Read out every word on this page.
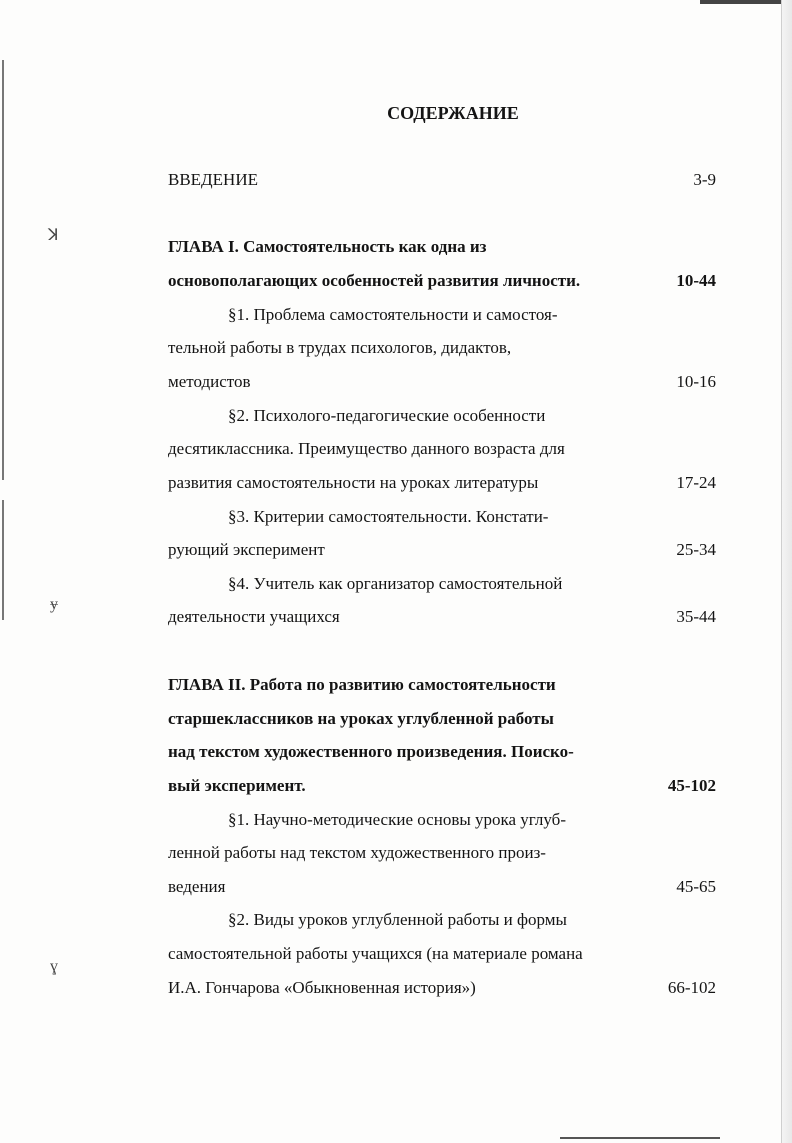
ꓘ
ɏ
ɣ
СОДЕРЖАНИЕ
ВВЕДЕНИЕ	3-9
ГЛАВА I. Самостоятельность как одна из
основополагающих особенностей развития личности.	10-44
§1. Проблема самостоятельности и самостоя-
тельной работы в трудах психологов, дидактов,
методистов	10-16
§2. Психолого-педагогические особенности
десятиклассника. Преимущество данного возраста для
развития самостоятельности на уроках литературы	17-24
§3. Критерии самостоятельности. Констати-
рующий эксперимент	25-34
§4. Учитель как организатор самостоятельной
деятельности учащихся	35-44
ГЛАВА II. Работа по развитию самостоятельности
старшеклассников на уроках углубленной работы
над текстом художественного произведения. Поиско-
вый эксперимент.	45-102
§1. Научно-методические основы урока углуб-
ленной работы над текстом художественного произ-
ведения	45-65
§2. Виды уроков углубленной работы и формы
самостоятельной работы учащихся (на материале романа
И.А. Гончарова «Обыкновенная история»)	66-102
